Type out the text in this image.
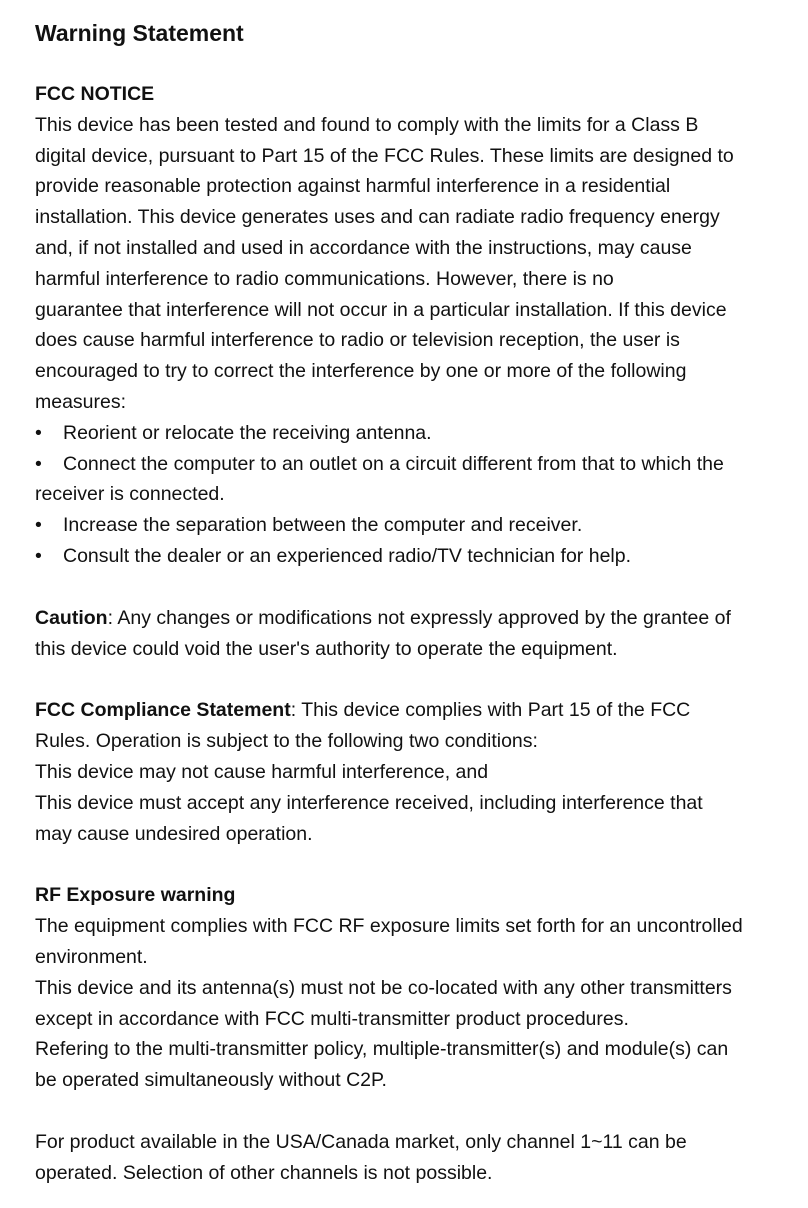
Warning Statement
FCC NOTICE
This device has been tested and found to comply with the limits for a Class B
digital device, pursuant to Part 15 of the FCC Rules. These limits are designed to
provide reasonable protection against harmful interference in a residential
installation. This device generates uses and can radiate radio frequency energy
and, if not installed and used in accordance with the instructions, may cause
harmful interference to radio communications. However, there is no
guarantee that interference will not occur in a particular installation. If this device
does cause harmful interference to radio or television reception, the user is
encouraged to try to correct the interference by one or more of the following
measures:
• Reorient or relocate the receiving antenna.
• Connect the computer to an outlet on a circuit different from that to which the
receiver is connected.
• Increase the separation between the computer and receiver.
• Consult the dealer or an experienced radio/TV technician for help.
Caution: Any changes or modifications not expressly approved by the grantee of
this device could void the user's authority to operate the equipment.
FCC Compliance Statement: This device complies with Part 15 of the FCC
Rules. Operation is subject to the following two conditions:
This device may not cause harmful interference, and
This device must accept any interference received, including interference that
may cause undesired operation.
RF Exposure warning
The equipment complies with FCC RF exposure limits set forth for an uncontrolled
environment.
This device and its antenna(s) must not be co-located with any other transmitters
except in accordance with FCC multi-transmitter product procedures.
Refering to the multi-transmitter policy, multiple-transmitter(s) and module(s) can
be operated simultaneously without C2P.
For product available in the USA/Canada market, only channel 1~11 can be
operated. Selection of other channels is not possible.
